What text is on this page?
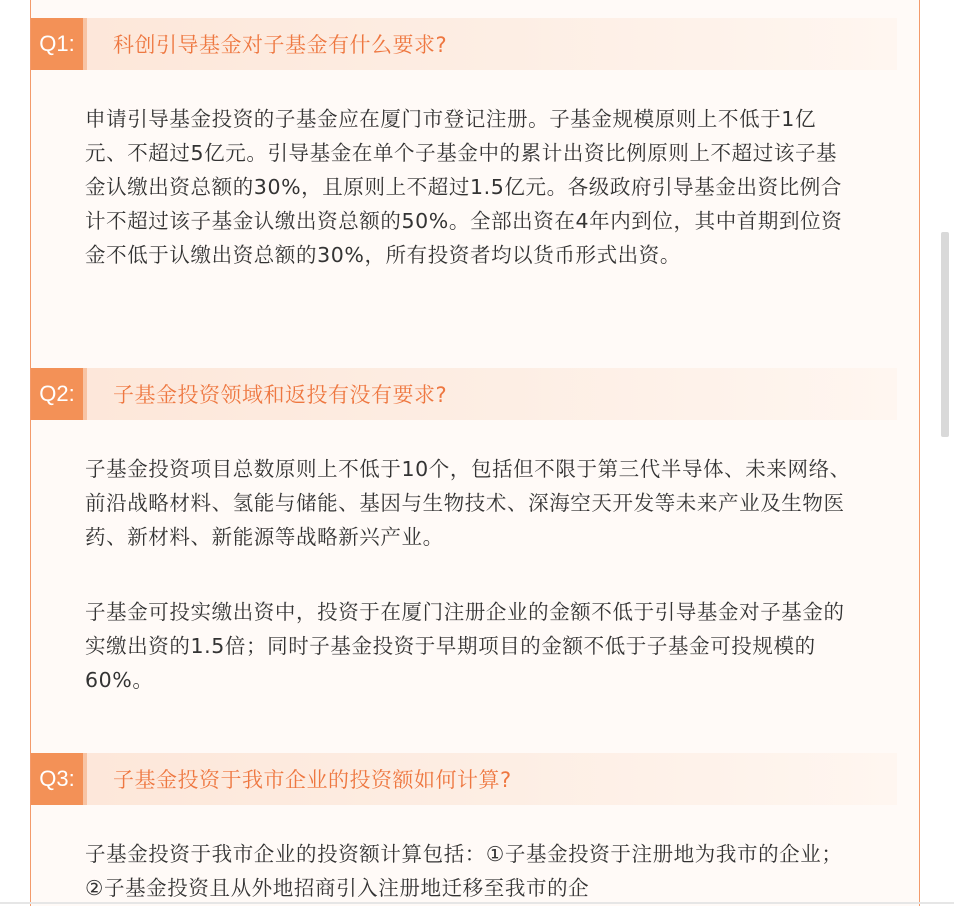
Q1:	科创引导基金对子基金有什么要求?

申请引导基金投资的子基金应在厦门市登记注册。子基金规模原则上不低于1亿元、不超过5亿元。引导基金在单个子基金中的累计出资比例原则上不超过该子基金认缴出资总额的30%，且原则上不超过1.5亿元。各级政府引导基金出资比例合计不超过该子基金认缴出资总额的50%。全部出资在4年内到位，其中首期到位资金不低于认缴出资总额的30%，所有投资者均以货币形式出资。

Q2:	子基金投资领域和返投有没有要求?

子基金投资项目总数原则上不低于10个，包括但不限于第三代半导体、未来网络、前沿战略材料、氢能与储能、基因与生物技术、深海空天开发等未来产业及生物医药、新材料、新能源等战略新兴产业。

子基金可投实缴出资中，投资于在厦门注册企业的金额不低于引导基金对子基金的实缴出资的1.5倍；同时子基金投资于早期项目的金额不低于子基金可投规模的60%。

Q3:	子基金投资于我市企业的投资额如何计算?

子基金投资于我市企业的投资额计算包括：①子基金投资于注册地为我市的企业；②子基金投资且从外地招商引入注册地迁移至我市的企
